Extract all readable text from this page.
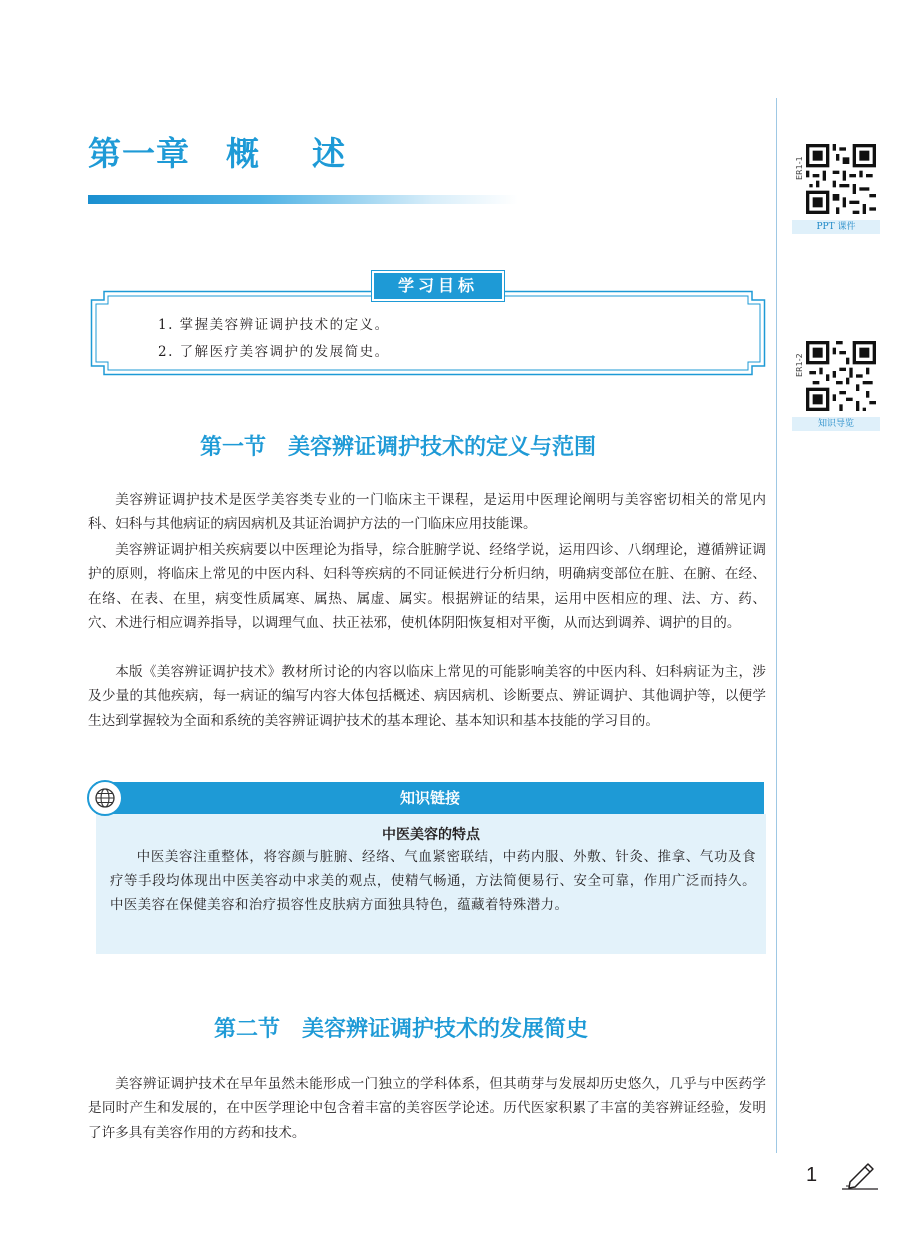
第一章 概 述	ER1-1
PPT 课件
ER1-2
知识导览
学习目标
1. 掌握美容辨证调护技术的定义。
2. 了解医疗美容调护的发展简史。
第一节 美容辨证调护技术的定义与范围

美容辨证调护技术是医学美容类专业的一门临床主干课程，是运用中医理论阐明与美容密切相关的常见内科、妇科与其他病证的病因病机及其证治调护方法的一门临床应用技能课。

美容辨证调护相关疾病要以中医理论为指导，综合脏腑学说、经络学说，运用四诊、八纲理论，遵循辨证调护的原则，将临床上常见的中医内科、妇科等疾病的不同证候进行分析归纳，明确病变部位在脏、在腑、在经、在络、在表、在里，病变性质属寒、属热、属虚、属实。根据辨证的结果，运用中医相应的理、法、方、药、穴、术进行相应调养指导，以调理气血、扶正祛邪，使机体阴阳恢复相对平衡，从而达到调养、调护的目的。

本版《美容辨证调护技术》教材所讨论的内容以临床上常见的可能影响美容的中医内科、妇科病证为主，涉及少量的其他疾病，每一病证的编写内容大体包括概述、病因病机、诊断要点、辨证调护、其他调护等，以便学生达到掌握较为全面和系统的美容辨证调护技术的基本理论、基本知识和基本技能的学习目的。

知识链接
中医美容的特点

中医美容注重整体，将容颜与脏腑、经络、气血紧密联结，中药内服、外敷、针灸、推拿、气功及食疗等手段均体现出中医美容动中求美的观点，使精气畅通，方法简便易行、安全可靠，作用广泛而持久。中医美容在保健美容和治疗损容性皮肤病方面独具特色，蕴藏着特殊潜力。

第二节 美容辨证调护技术的发展简史

美容辨证调护技术在早年虽然未能形成一门独立的学科体系，但其萌芽与发展却历史悠久，几乎与中医药学是同时产生和发展的，在中医学理论中包含着丰富的美容医学论述。历代医家积累了丰富的美容辨证经验，发明了许多具有美容作用的方药和技术。

1
